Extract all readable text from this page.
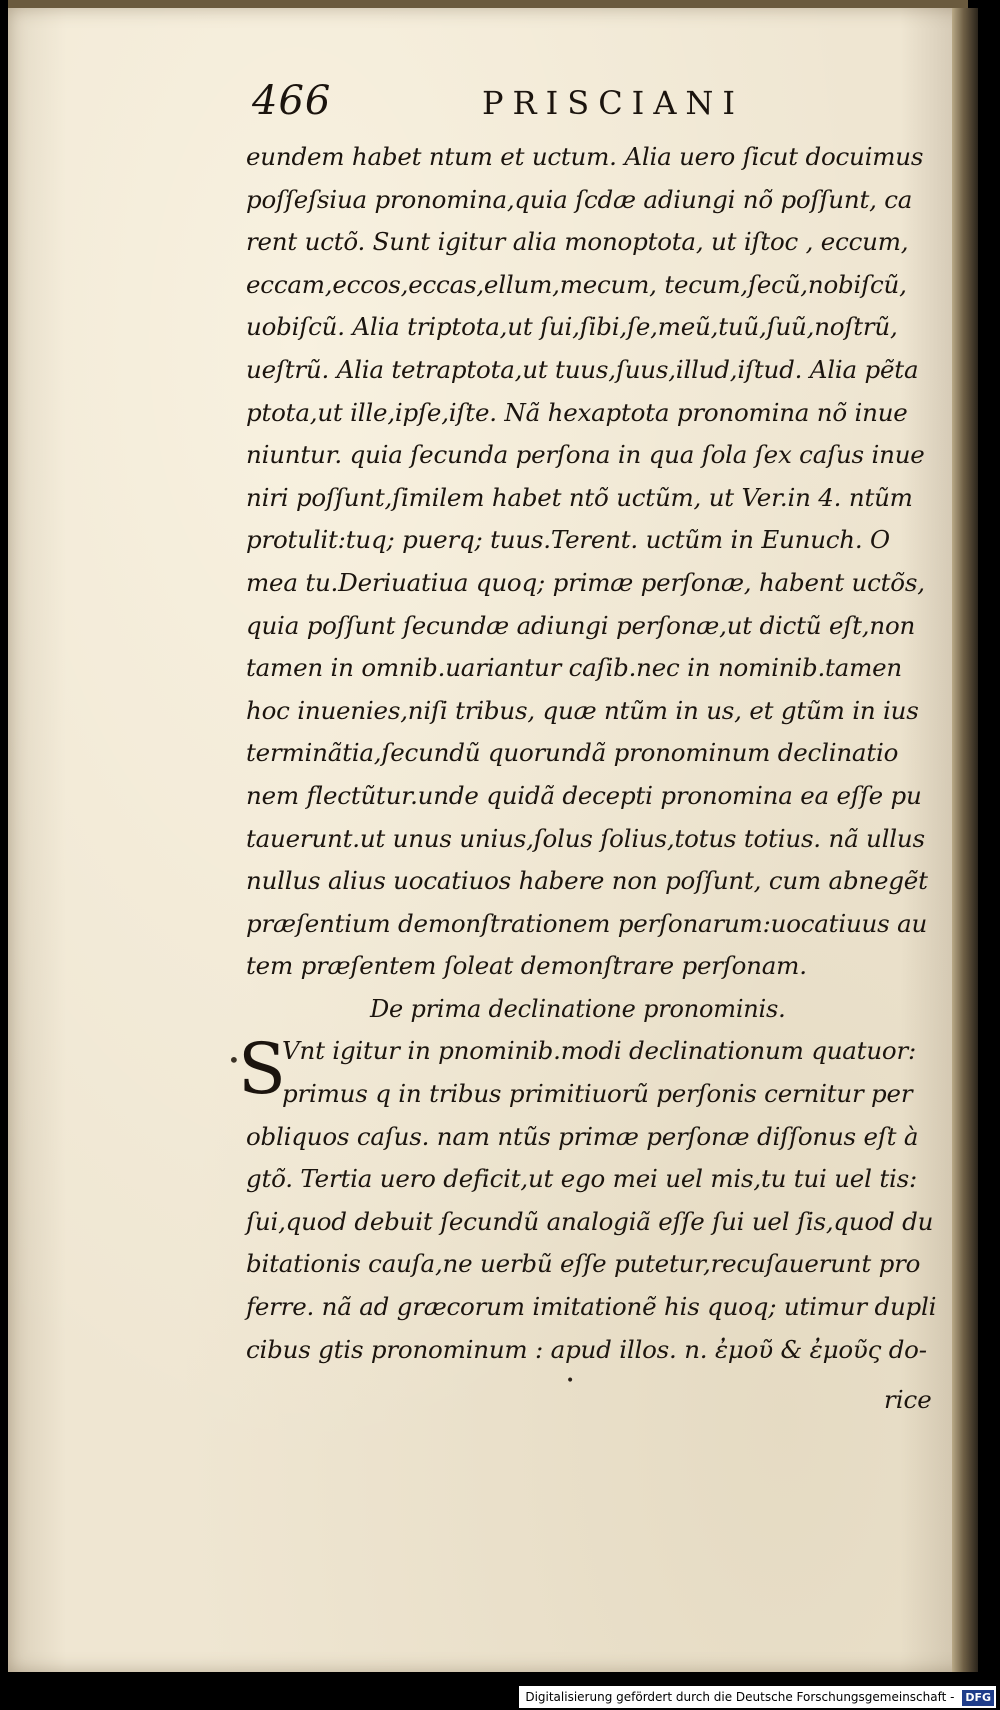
466	PRISCIANI
eundem habet ntum et uctum. Alia uero ſicut docuimus
poſſeſsiua pronomina,quia ſcdæ adiungi nõ poſſunt, ca
rent uctõ. Sunt igitur alia monoptota, ut iſtoc , eccum,
eccam,eccos,eccas,ellum,mecum, tecum,ſecũ,nobiſcũ,
uobiſcũ. Alia triptota,ut ſui,ſibi,ſe,meũ,tuũ,ſuũ,noſtrũ,
ueſtrũ. Alia tetraptota,ut tuus,ſuus,illud,iſtud. Alia pẽta
ptota,ut ille,ipſe,iſte. Nã hexaptota pronomina nõ inue
niuntur. quia ſecunda perſona in qua ſola ſex caſus inue
niri poſſunt,ſimilem habet ntõ uctũm, ut Ver.in 4. ntũm
protulit:tuq; puerq; tuus.Terent. uctũm in Eunuch. O
mea tu.Deriuatiua quoq; primæ perſonæ, habent uctõs,
quia poſſunt ſecundæ adiungi perſonæ,ut dictũ eſt,non
tamen in omnib.uariantur caſib.nec in nominib.tamen
hoc inuenies,niſi tribus, quæ ntũm in us, et gtũm in ius
terminãtia,ſecundũ quorundã pronominum declinatio
nem flectũtur.unde quidã decepti pronomina ea eſſe pu
tauerunt.ut unus unius,ſolus ſolius,totus totius. nã ullus
nullus alius uocatiuos habere non poſſunt, cum abnegẽt
præſentium demonſtrationem perſonarum:uocatiuus au
tem præſentem ſoleat demonſtrare perſonam.
De prima declinatione pronominis.
S
Vnt igitur in pnominib.modi declinationum quatuor:
primus q in tribus primitiuorũ perſonis cernitur per
obliquos caſus. nam ntũs primæ perſonæ diſſonus eſt à
gtõ. Tertia uero deficit,ut ego mei uel mis,tu tui uel tis:
ſui,quod debuit ſecundũ analogiã eſſe ſui uel ſis,quod du
bitationis cauſa,ne uerbũ eſſe putetur,recuſauerunt pro
ferre. nã ad græcorum imitationẽ his quoq; utimur dupli
cibus gtis pronominum : apud illos. n. ἐμοῦ & ἐμοῦς do-
•
•
rice
Digitalisierung gefördert durch die Deutsche Forschungsgemeinschaft - DFG
